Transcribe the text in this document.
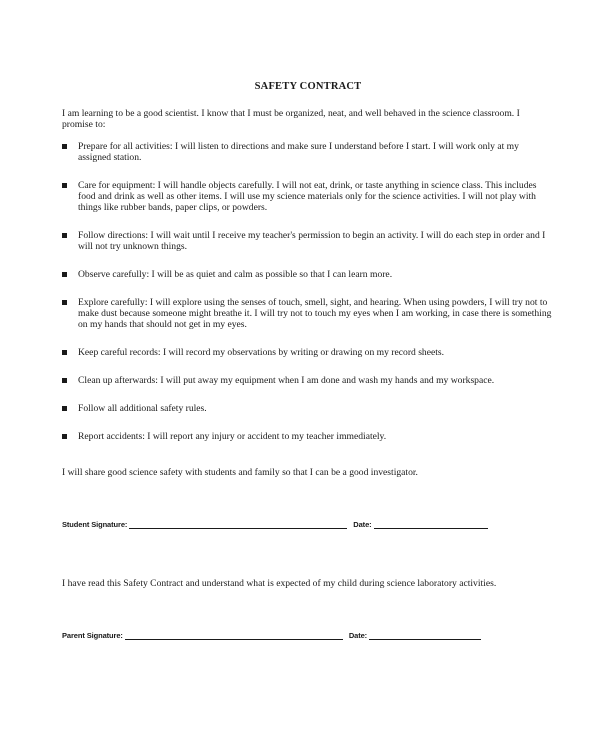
SAFETY CONTRACT
I am learning to be a good scientist. I know that I must be organized, neat, and well behaved in the science classroom. I promise to:
Prepare for all activities: I will listen to directions and make sure I understand before I start. I will work only at my assigned station.
Care for equipment: I will handle objects carefully. I will not eat, drink, or taste anything in science class. This includes food and drink as well as other items. I will use my science materials only for the science activities. I will not play with things like rubber bands, paper clips, or powders.
Follow directions: I will wait until I receive my teacher's permission to begin an activity. I will do each step in order and I will not try unknown things.
Observe carefully: I will be as quiet and calm as possible so that I can learn more.
Explore carefully: I will explore using the senses of touch, smell, sight, and hearing. When using powders, I will try not to make dust because someone might breathe it. I will try not to touch my eyes when I am working, in case there is something on my hands that should not get in my eyes.
Keep careful records: I will record my observations by writing or drawing on my record sheets.
Clean up afterwards: I will put away my equipment when I am done and wash my hands and my workspace.
Follow all additional safety rules.
Report accidents: I will report any injury or accident to my teacher immediately.
I will share good science safety with students and family so that I can be a good investigator.
Student Signature:	Date:
I have read this Safety Contract and understand what is expected of my child during science laboratory activities.
Parent Signature:	Date:
